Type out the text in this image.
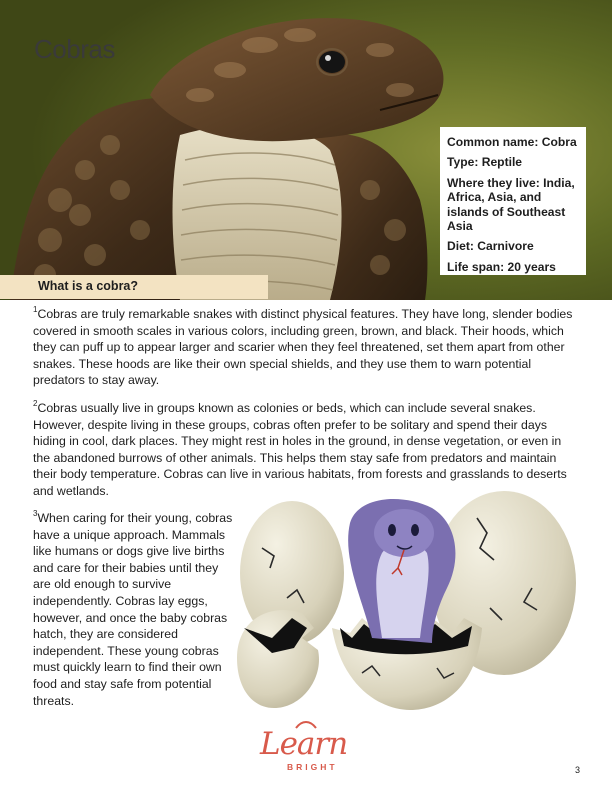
Cobras
Common name: Cobra
Type: Reptile
Where they live: India, Africa, Asia, and islands of Southeast Asia
Diet: Carnivore
Life span: 20 years
What is a cobra?
$^1$Cobras are truly remarkable snakes with distinct physical features. They have long, slender bodies covered in smooth scales in various colors, including green, brown, and black. Their hoods, which they can puff up to appear larger and scarier when they feel threatened, set them apart from other snakes. These hoods are like their own special shields, and they use them to warn potential predators to stay away.
$^2$Cobras usually live in groups known as colonies or beds, which can include several snakes. However, despite living in these groups, cobras often prefer to be solitary and spend their days hiding in cool, dark places. They might rest in holes in the ground, in dense vegetation, or even in the abandoned burrows of other animals. This helps them stay safe from predators and maintain their body temperature. Cobras can live in various habitats, from forests and grasslands to deserts and wetlands.
$^3$When caring for their young, cobras have a unique approach. Mammals like humans or dogs give live births and care for their babies until they are old enough to survive independently. Cobras lay eggs, however, and once the baby cobras hatch, they are considered independent. These young cobras must quickly learn to find their own food and stay safe from potential threats.
Learn
BRIGHT	3
